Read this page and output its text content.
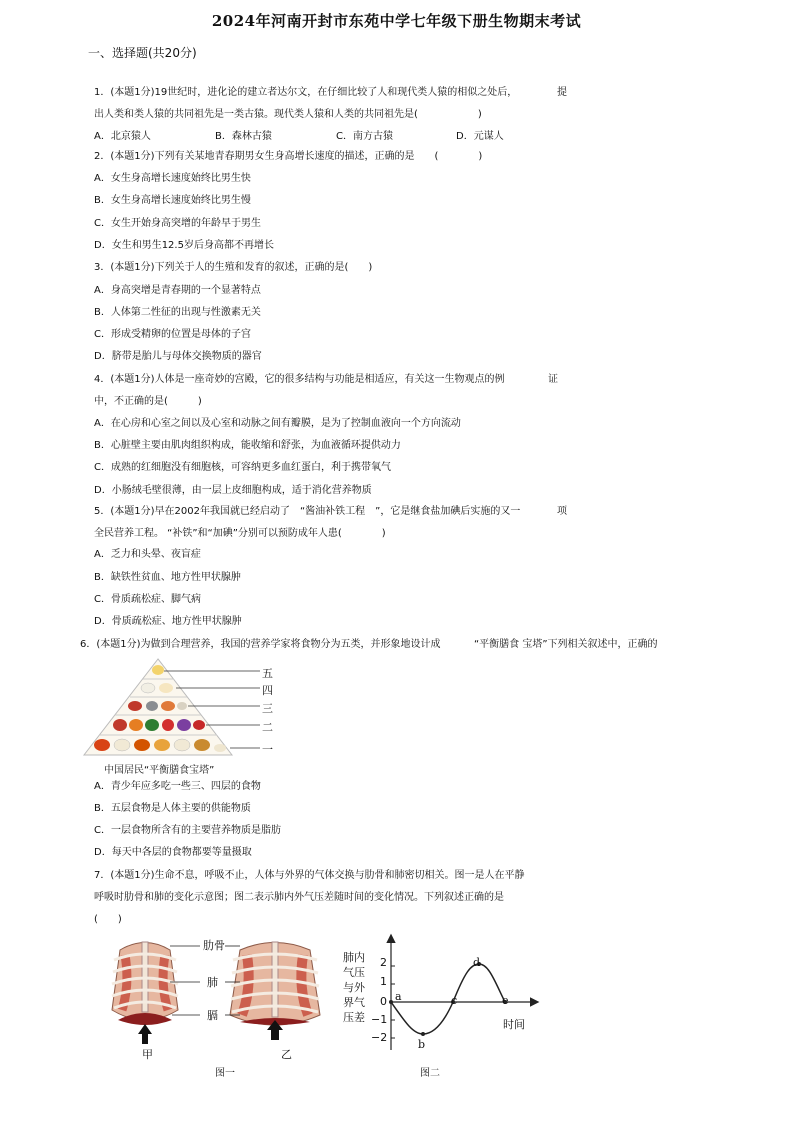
2024年河南开封市东苑中学七年级下册生物期末考试
一、选择题(共20分)
1．(本题1分)19世纪时，进化论的建立者达尔文，在仔细比较了人和现代类人猿的相似之处后，	提
出人类和类人猿的共同祖先是一类古猿。现代类人猿和人类的共同祖先是(　　　　　　)
A．北京猿人	B．森林古猿	C．南方古猿	D．元谋人
2．(本题1分)下列有关某地青春期男女生身高增长速度的描述，正确的是　　(　　　　)
A．女生身高增长速度始终比男生快
B．女生身高增长速度始终比男生慢
C．女生开始身高突增的年龄早于男生
D．女生和男生12.5岁后身高都不再增长
3．(本题1分)下列关于人的生殖和发育的叙述，正确的是(　　)
A．身高突增是青春期的一个显著特点
B．人体第二性征的出现与性激素无关
C．形成受精卵的位置是母体的子宫
D．脐带是胎儿与母体交换物质的器官
4．(本题1分)人体是一座奇妙的宫殿，它的很多结构与功能是相适应，有关这一生物观点的例	证
中，不正确的是(　　　)
A．在心房和心室之间以及心室和动脉之间有瓣膜，是为了控制血液向一个方向流动
B．心脏壁主要由肌肉组织构成，能收缩和舒张，为血液循环提供动力
C．成熟的红细胞没有细胞核，可容纳更多血红蛋白，利于携带氧气
D．小肠绒毛壁很薄，由一层上皮细胞构成，适于消化营养物质
5．(本题1分)早在2002年我国就已经启动了　“酱油补铁工程　”，它是继食盐加碘后实施的又一	项
全民营养工程。 “补铁”和“加碘”分别可以预防成年人患(　　　　)
A．乏力和头晕、夜盲症
B．缺铁性贫血、地方性甲状腺肿
C．骨质疏松症、脚气病
D．骨质疏松症、地方性甲状腺肿
6．(本题1分)为做到合理营养，我国的营养学家将食物分为五类，并形象地设计成	“平衡膳食 宝塔”下列相关叙述中，正确的
五
四
三
二
一
中国居民“平衡膳食宝塔”
A．青少年应多吃一些三、四层的食物
B．五层食物是人体主要的供能物质
C．一层食物所含有的主要营养物质是脂肪
D．每天中各层的食物都要等量摄取
7．(本题1分)生命不息，呼吸不止，人体与外界的气体交换与肋骨和肺密切相关。图一是人在平静
呼吸时肋骨和肺的变化示意图；图二表示肺内外气压差随时间的变化情况。下列叙述正确的是
(　　)
肋骨
肺
膈
甲	乙
图一
肺内
气压
与外
界气
压差
2
1
0
−1
−2
a
b
c
d
e
时间
图二
